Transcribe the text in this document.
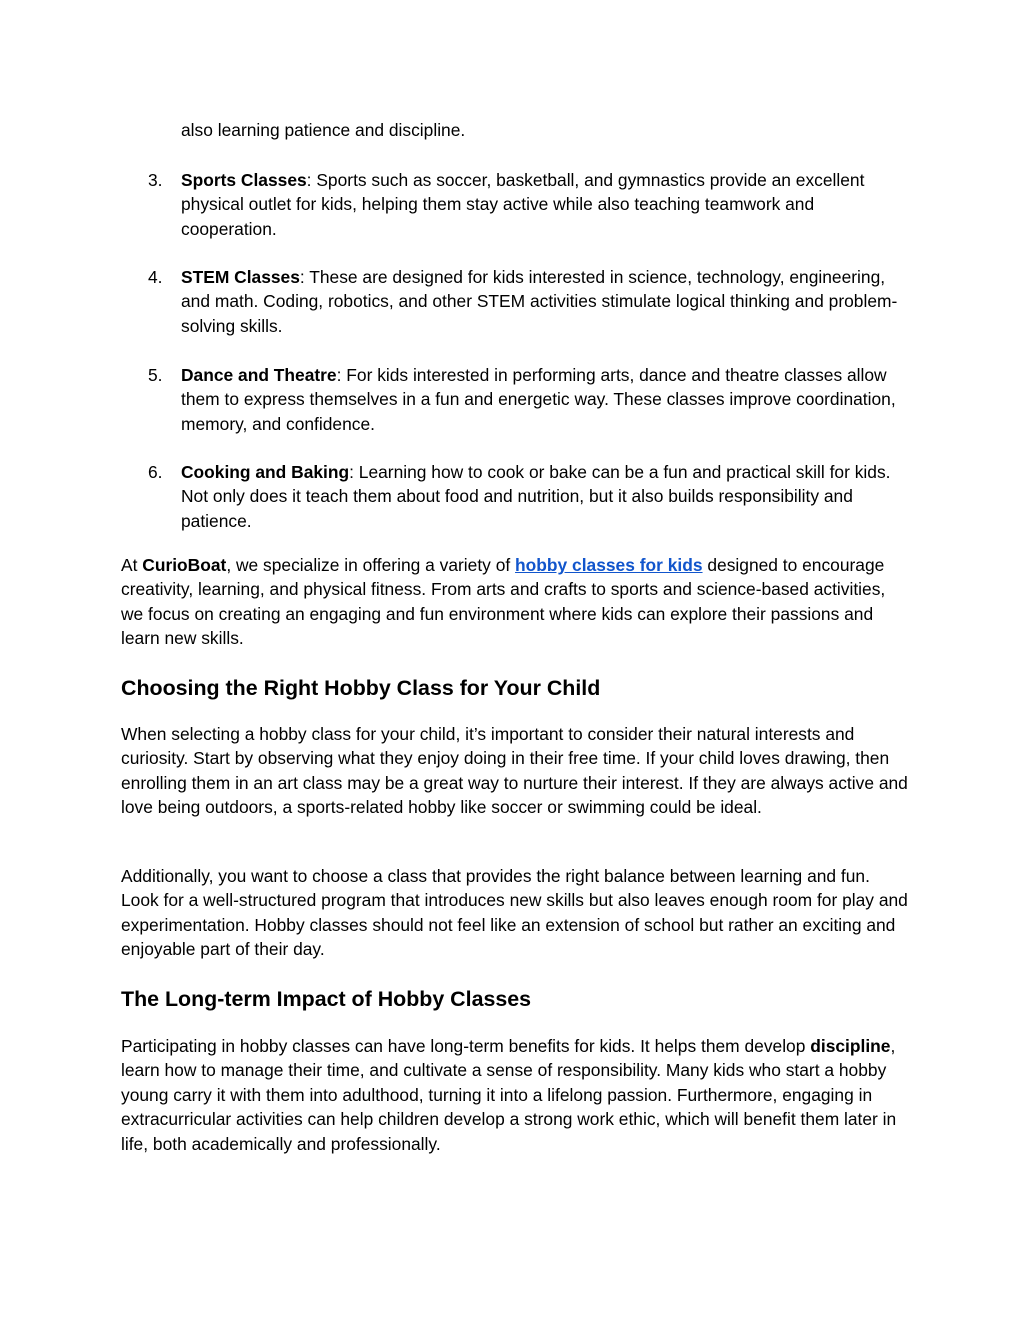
also learning patience and discipline.
3.	Sports Classes: Sports such as soccer, basketball, and gymnastics provide an excellent physical outlet for kids, helping them stay active while also teaching teamwork and cooperation.
4.	STEM Classes: These are designed for kids interested in science, technology, engineering, and math. Coding, robotics, and other STEM activities stimulate logical thinking and problem-solving skills.
5.	Dance and Theatre: For kids interested in performing arts, dance and theatre classes allow them to express themselves in a fun and energetic way. These classes improve coordination, memory, and confidence.
6.	Cooking and Baking: Learning how to cook or bake can be a fun and practical skill for kids. Not only does it teach them about food and nutrition, but it also builds responsibility and patience.
At CurioBoat, we specialize in offering a variety of hobby classes for kids designed to encourage creativity, learning, and physical fitness. From arts and crafts to sports and science-based activities, we focus on creating an engaging and fun environment where kids can explore their passions and learn new skills.
Choosing the Right Hobby Class for Your Child
When selecting a hobby class for your child, it’s important to consider their natural interests and curiosity. Start by observing what they enjoy doing in their free time. If your child loves drawing, then enrolling them in an art class may be a great way to nurture their interest. If they are always active and love being outdoors, a sports-related hobby like soccer or swimming could be ideal.
Additionally, you want to choose a class that provides the right balance between learning and fun. Look for a well-structured program that introduces new skills but also leaves enough room for play and experimentation. Hobby classes should not feel like an extension of school but rather an exciting and enjoyable part of their day.
The Long-term Impact of Hobby Classes
Participating in hobby classes can have long-term benefits for kids. It helps them develop discipline, learn how to manage their time, and cultivate a sense of responsibility. Many kids who start a hobby young carry it with them into adulthood, turning it into a lifelong passion. Furthermore, engaging in extracurricular activities can help children develop a strong work ethic, which will benefit them later in life, both academically and professionally.
